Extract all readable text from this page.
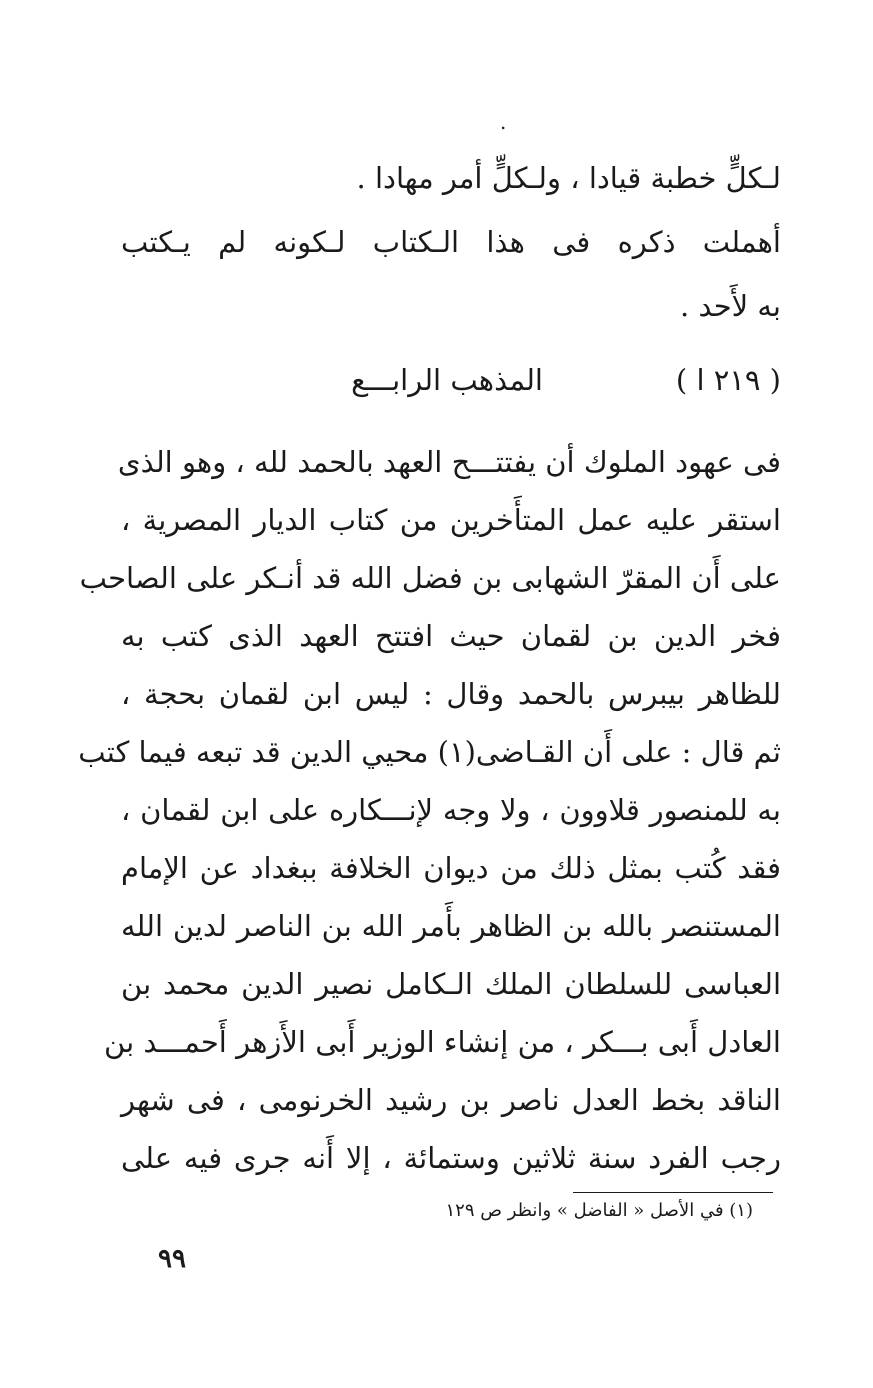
.
لـكلٍّ خطبة قيادا ، ولـكلٍّ أمر مهادا .
أهملت ذكره فى هذا الـكتاب لـكونه لم يـكتب
به لأَحد .
( ٢١٩ ا )
المذهب الرابـــع
فى عهود الملوك أن يفتتـــح العهد بالحمد لله ، وهو الذى
استقر عليه عمل المتأَخرين من كتاب الديار المصرية ،
على أَن المقرّ الشهابى بن فضل الله قد أنـكر على الصاحب
فخر الدين بن لقمان حيث افتتح العهد الذى كتب به
للظاهر بيبرس بالحمد وقال : ليس ابن لقمان بحجة ،
ثم قال : على أَن القـاضى(١) محيي الدين قد تبعه فيما كتب
به للمنصور قلاوون ، ولا وجه لإنـــكاره على ابن لقمان ،
فقد كُتب بمثل ذلك من ديوان الخلافة ببغداد عن الإمام
المستنصر بالله بن الظاهر بأَمر الله بن الناصر لدين الله
العباسى للسلطان الملك الـكامل نصير الدين محمد بن
العادل أَبى بـــكر ، من إنشاء الوزير أَبى الأَزهر أَحمـــد بن
الناقد بخط العدل ناصر بن رشيد الخرنومى ، فى شهر
رجب الفرد سنة ثلاثين وستمائة ، إلا أَنه جرى فيه على
(١) في الأصل « الفاضل » وانظر ص ١٢٩
٩٩
